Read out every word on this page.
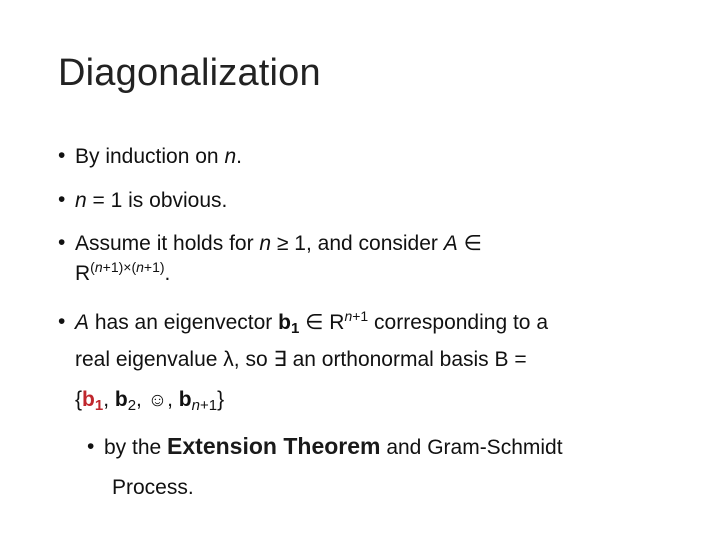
Diagonalization
• By induction on n.
• n = 1 is obvious.
• Assume it holds for n ≥ 1, and consider A ∈
$R^{(n+1)\times(n+1)}$.
• A has an eigenvector $b_1$ ∈ $R^{n+1}$ corresponding to a
real eigenvalue λ, so ∃ an orthonormal basis B =
{$b_1$, $b_2$, ☺, $b_{n+1}$}
• by the Extension Theorem and Gram-Schmidt
Process.
